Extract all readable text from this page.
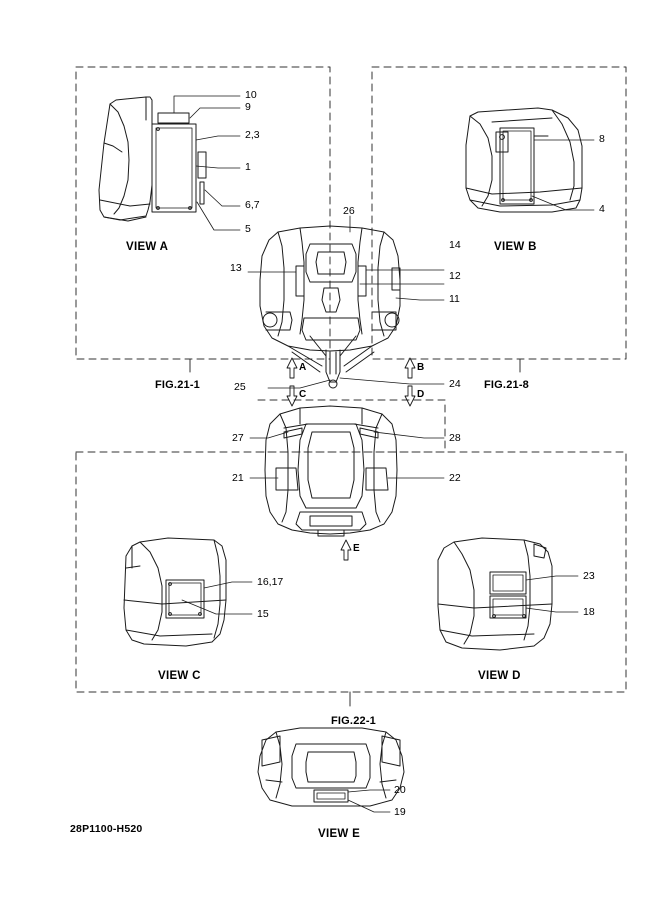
28P1100-H520
VIEW A	VIEW B
VIEW C	VIEW D
VIEW E
FIG.21-1	FIG.21-8
FIG.22-1
A	B
C	D
E
10
9
2,3
1
6,7
5
8
4
26
14
13
12
11
25	24
27	28
21	22
16,17
15
23
18
20
19
